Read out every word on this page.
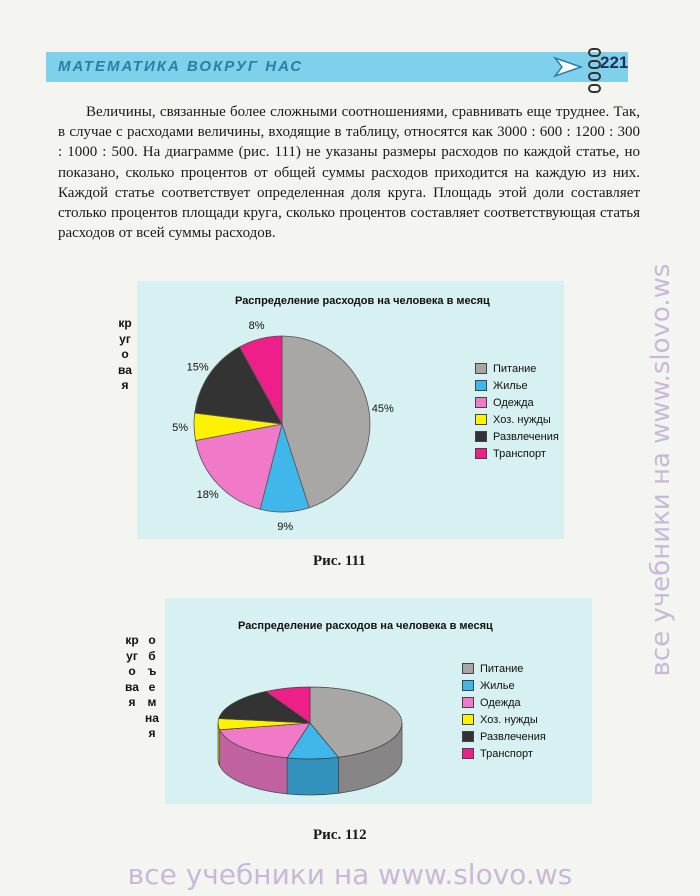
МАТЕМАТИКА ВОКРУГ НАС	221

Величины, связанные более сложными соотношениями, сравнивать еще труднее. Так, в случае с расходами величины, входящие в таблицу, относятся как 3000 : 600 : 1200 : 300 : 1000 : 500. На диаграмме (рис. 111) не указаны размеры расходов по каждой статье, но показано, сколько процентов от общей суммы расходов приходится на каждую из них. Каждой статье соответствует определенная доля круга. Площадь этой доли составляет столько процентов площади круга, сколько процентов составляет соответствующая статья расходов от всей суммы расходов.

Распределение расходов на человека в месяц
45%
9%
18%
5%
15%
8%
Питание
Жилье
Одежда
Хоз. нужды
Развлечения
Транспорт
круговая
Рис. 111
Распределение расходов на человека в месяц
Питание
Жилье
Одежда
Хоз. нужды
Развлечения
Транспорт
круговая
объемная
Рис. 112
все учебники на www.slovo.ws
все учебники на www.slovo.ws
